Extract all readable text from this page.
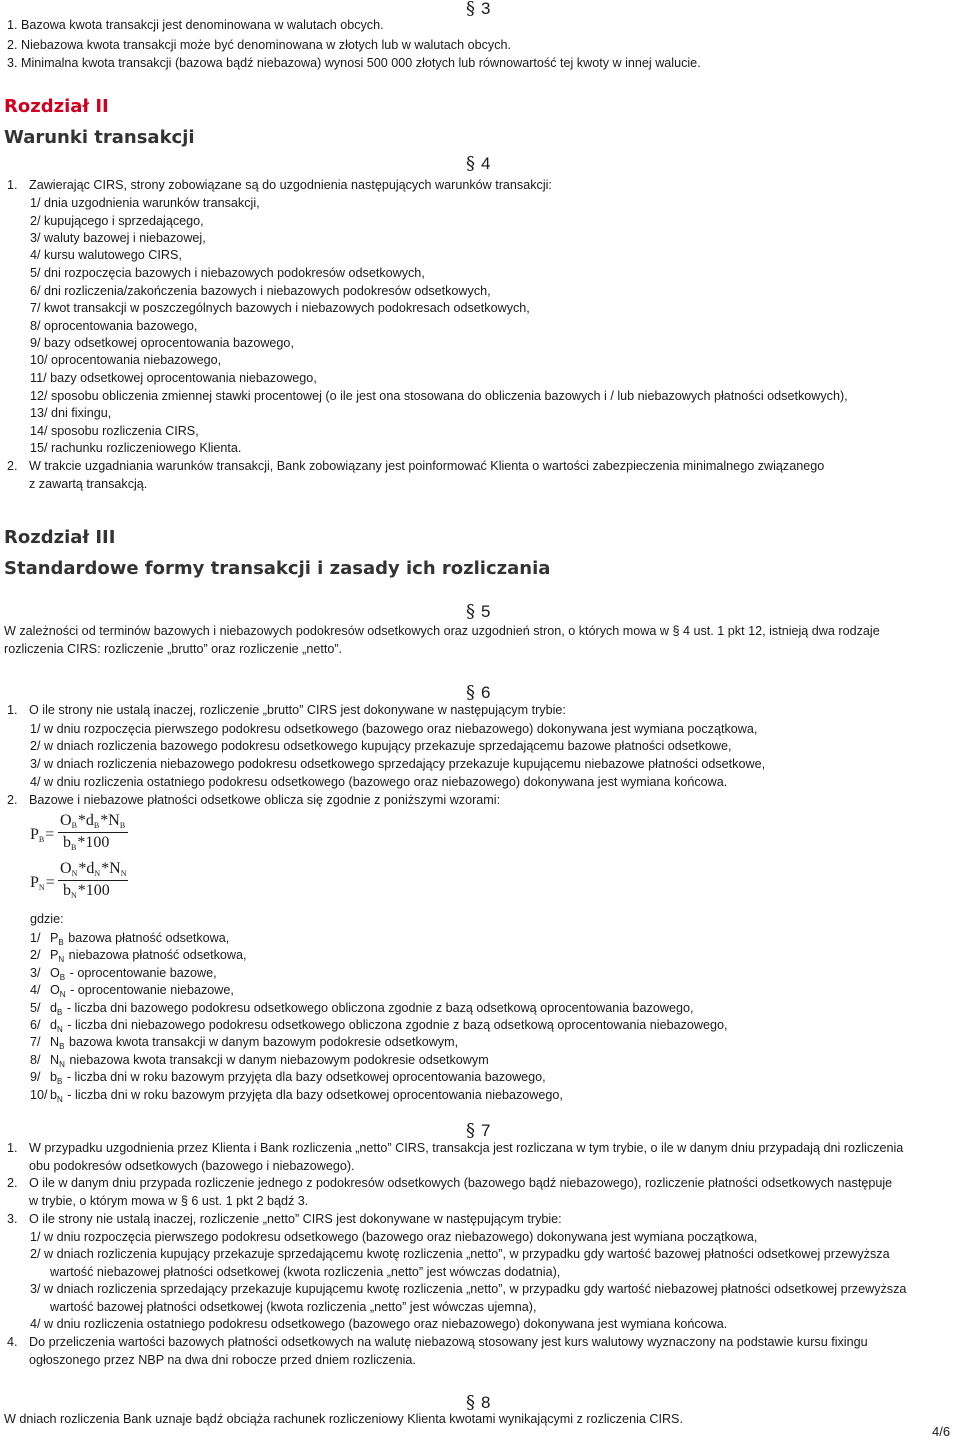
§ 3
1. Bazowa kwota transakcji jest denominowana w walutach obcych.
2. Niebazowa kwota transakcji może być denominowana w złotych lub w walutach obcych.
3. Minimalna kwota transakcji (bazowa bądź niebazowa) wynosi 500 000 złotych lub równowartość tej kwoty w innej walucie.
Rozdział II
Warunki transakcji
§ 4
1. Zawierając CIRS, strony zobowiązane są do uzgodnienia następujących warunków transakcji:
1/ dnia uzgodnienia warunków transakcji,
2/ kupującego i sprzedającego,
3/ waluty bazowej i niebazowej,
4/ kursu walutowego CIRS,
5/ dni rozpoczęcia bazowych i niebazowych podokresów odsetkowych,
6/ dni rozliczenia/zakończenia bazowych i niebazowych podokresów odsetkowych,
7/ kwot transakcji w poszczególnych bazowych i niebazowych podokresach odsetkowych,
8/ oprocentowania bazowego,
9/ bazy odsetkowej oprocentowania bazowego,
10/ oprocentowania niebazowego,
11/ bazy odsetkowej oprocentowania niebazowego,
12/ sposobu obliczenia zmiennej stawki procentowej (o ile jest ona stosowana do obliczenia bazowych i / lub niebazowych płatności odsetkowych),
13/ dni fixingu,
14/ sposobu rozliczenia CIRS,
15/ rachunku rozliczeniowego Klienta.
2. W trakcie uzgadniania warunków transakcji, Bank zobowiązany jest poinformować Klienta o wartości zabezpieczenia minimalnego związanego
z zawartą transakcją.
Rozdział III
Standardowe formy transakcji i zasady ich rozliczania
§ 5
W zależności od terminów bazowych i niebazowych podokresów odsetkowych oraz uzgodnień stron, o których mowa w § 4 ust. 1 pkt 12, istnieją dwa rodzaje
rozliczenia CIRS: rozliczenie „brutto” oraz rozliczenie „netto”.
§ 6
1. O ile strony nie ustalą inaczej, rozliczenie „brutto” CIRS jest dokonywane w następującym trybie:
1/ w dniu rozpoczęcia pierwszego podokresu odsetkowego (bazowego oraz niebazowego) dokonywana jest wymiana początkowa,
2/ w dniach rozliczenia bazowego podokresu odsetkowego kupujący przekazuje sprzedającemu bazowe płatności odsetkowe,
3/ w dniach rozliczenia niebazowego podokresu odsetkowego sprzedający przekazuje kupującemu niebazowe płatności odsetkowe,
4/ w dniu rozliczenia ostatniego podokresu odsetkowego (bazowego oraz niebazowego) dokonywana jest wymiana końcowa.
2. Bazowe i niebazowe płatności odsetkowe oblicza się zgodnie z poniższymi wzorami:
PB=
OB*dB*NB
bB*100
PN=
ON*dN*NN
bN*100
gdzie:
1/ $P_B$ bazowa płatność odsetkowa,
2/ $P_N$ niebazowa płatność odsetkowa,
3/ $O_B$ - oprocentowanie bazowe,
4/ $O_N$ - oprocentowanie niebazowe,
5/ $d_B$ - liczba dni bazowego podokresu odsetkowego obliczona zgodnie z bazą odsetkową oprocentowania bazowego,
6/ $d_N$ - liczba dni niebazowego podokresu odsetkowego obliczona zgodnie z bazą odsetkową oprocentowania niebazowego,
7/ $N_B$ bazowa kwota transakcji w danym bazowym podokresie odsetkowym,
8/ $N_N$ niebazowa kwota transakcji w danym niebazowym podokresie odsetkowym
9/ $b_B$ - liczba dni w roku bazowym przyjęta dla bazy odsetkowej oprocentowania bazowego,
10/ $b_N$ - liczba dni w roku bazowym przyjęta dla bazy odsetkowej oprocentowania niebazowego,
§ 7
1. W przypadku uzgodnienia przez Klienta i Bank rozliczenia „netto” CIRS, transakcja jest rozliczana w tym trybie, o ile w danym dniu przypadają dni rozliczenia
obu podokresów odsetkowych (bazowego i niebazowego).
2. O ile w danym dniu przypada rozliczenie jednego z podokresów odsetkowych (bazowego bądź niebazowego), rozliczenie płatności odsetkowych następuje
w trybie, o którym mowa w § 6 ust. 1 pkt 2 bądź 3.
3. O ile strony nie ustalą inaczej, rozliczenie „netto” CIRS jest dokonywane w następującym trybie:
1/ w dniu rozpoczęcia pierwszego podokresu odsetkowego (bazowego oraz niebazowego) dokonywana jest wymiana początkowa,
2/ w dniach rozliczenia kupujący przekazuje sprzedającemu kwotę rozliczenia „netto”, w przypadku gdy wartość bazowej płatności odsetkowej przewyższa
wartość niebazowej płatności odsetkowej (kwota rozliczenia „netto” jest wówczas dodatnia),
3/ w dniach rozliczenia sprzedający przekazuje kupującemu kwotę rozliczenia „netto”, w przypadku gdy wartość niebazowej płatności odsetkowej przewyższa
wartość bazowej płatności odsetkowej (kwota rozliczenia „netto” jest wówczas ujemna),
4/ w dniu rozliczenia ostatniego podokresu odsetkowego (bazowego oraz niebazowego) dokonywana jest wymiana końcowa.
4. Do przeliczenia wartości bazowych płatności odsetkowych na walutę niebazową stosowany jest kurs walutowy wyznaczony na podstawie kursu fixingu
ogłoszonego przez NBP na dwa dni robocze przed dniem rozliczenia.
§ 8
W dniach rozliczenia Bank uznaje bądź obciąża rachunek rozliczeniowy Klienta kwotami wynikającymi z rozliczenia CIRS.
4/6
